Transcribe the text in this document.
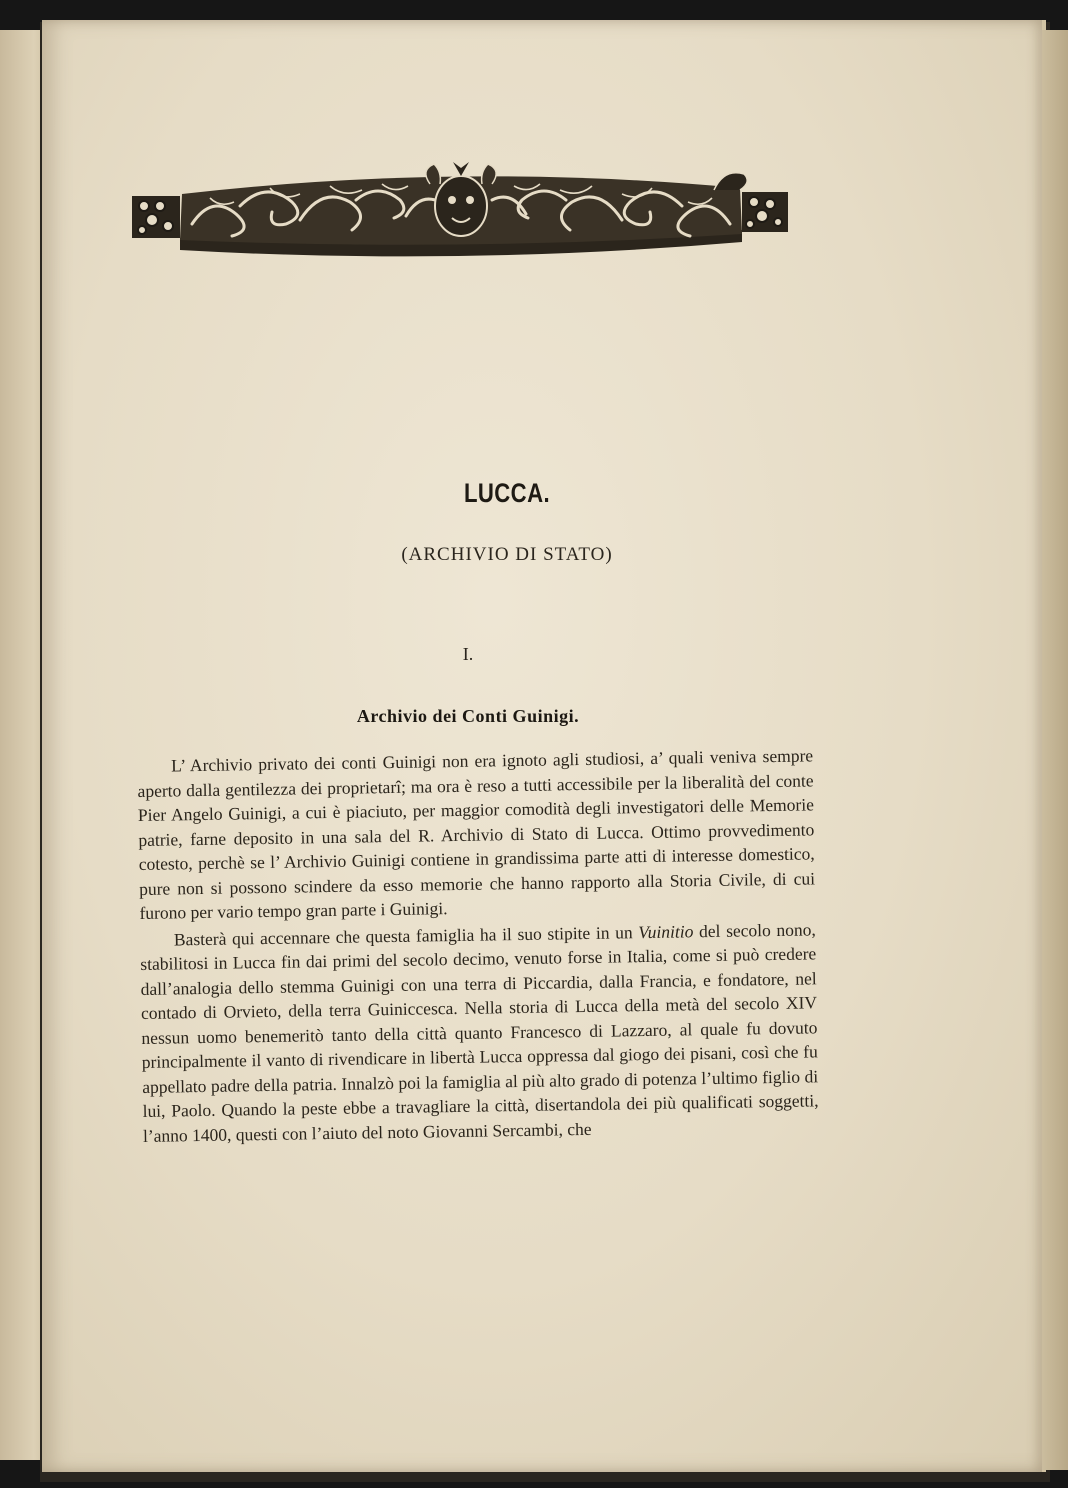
LUCCA.
(ARCHIVIO DI STATO)
I.
Archivio dei Conti Guinigi.

L’ Archivio privato dei conti Guinigi non era ignoto agli studiosi, a’ quali veniva sempre aperto dalla gentilezza dei proprietarî; ma ora è reso a tutti accessibile per la liberalità del conte Pier Angelo Guinigi, a cui è piaciuto, per maggior comodità degli investigatori delle Memorie patrie, farne deposito in una sala del R. Archivio di Stato di Lucca. Ottimo provvedimento cotesto, perchè se l’ Archivio Guinigi contiene in grandissima parte atti di interesse domestico, pure non si possono scindere da esso memorie che hanno rapporto alla Storia Civile, di cui furono per vario tempo gran parte i Guinigi.

Basterà qui accennare che questa famiglia ha il suo stipite in un Vuinitio del secolo nono, stabilitosi in Lucca fin dai primi del secolo decimo, venuto forse in Italia, come si può credere dall’analogia dello stemma Guinigi con una terra di Piccardia, dalla Francia, e fondatore, nel contado di Orvieto, della terra Guiniccesca. Nella storia di Lucca della metà del secolo XIV nessun uomo benemeritò tanto della città quanto Francesco di Lazzaro, al quale fu dovuto principalmente il vanto di rivendicare in libertà Lucca oppressa dal giogo dei pisani, così che fu appellato padre della patria. Innalzò poi la famiglia al più alto grado di potenza l’ultimo figlio di lui, Paolo. Quando la peste ebbe a travagliare la città, disertandola dei più qualificati soggetti, l’anno 1400, questi con l’aiuto del noto Giovanni Sercambi, che
